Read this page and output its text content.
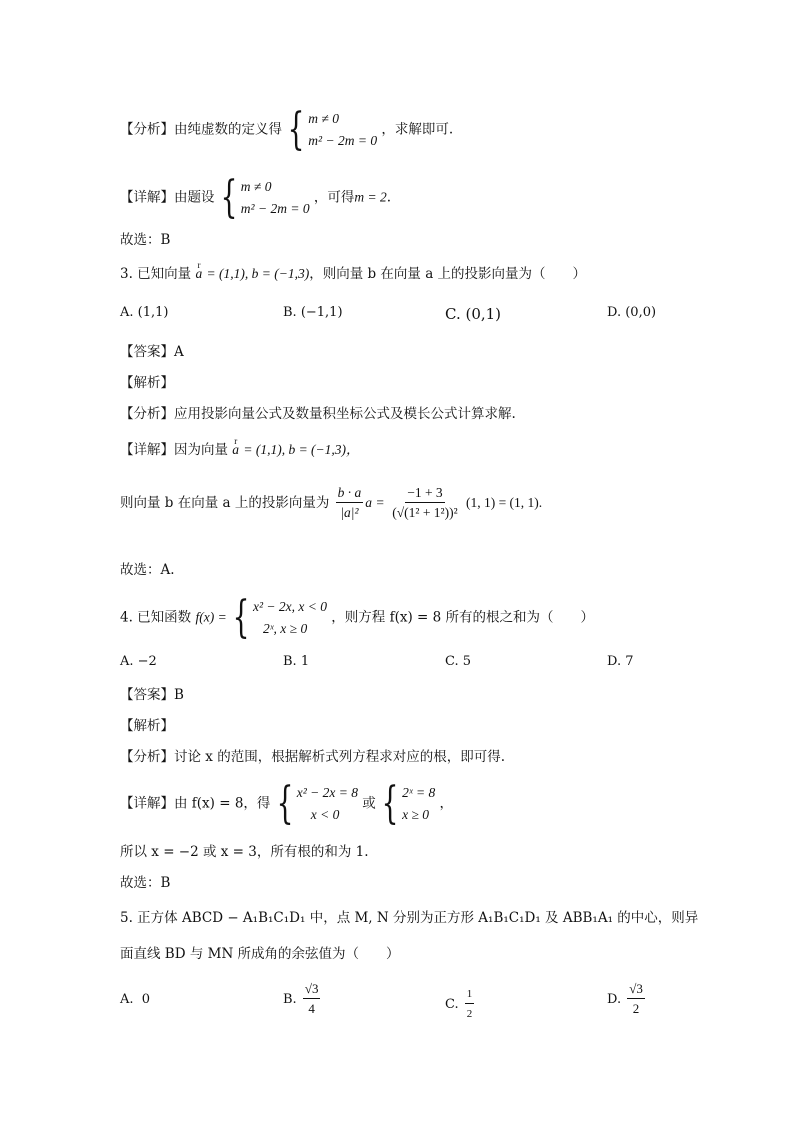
【分析】由纯虚数的定义得 { m ≠ 0
m² − 2m = 0
，求解即可.
【详解】由题设 { m ≠ 0
m² − 2m = 0
，可得m = 2.
故选：B
3. 已知向量 r a = (1,1), b = (−1,3)，则向量 b 在向量 a 上的投影向量为（　　）
A. (1,1)	B. (−1,1)	C. (0,1)	D. (0,0)
【答案】A
【解析】
【分析】应用投影向量公式及数量积坐标公式及模长公式计算求解.
【详解】因为向量 r a = (1,1), b = (−1,3)，
则向量 b 在向量 a 上的投影向量为 $\frac{b \cdot a}{\text{|a|²}}$ $a = \frac{-1 + 3}{\text{(√(1² + 1²))²}} (1$, 1) = (1, 1).
故选：A.
4. 已知函数 f(x) = { x² − 2x, x < 0
2ˣ, x ≥ 0
，则方程 f(x) = 8 所有的根之和为（　　）
A. −2	B. 1	C. 5	D. 7
【答案】B
【解析】
【分析】讨论 x 的范围，根据解析式列方程求对应的根，即可得.
【详解】由 f(x) = 8，得 { x² − 2x = 8
x < 0
或 { 2ˣ = 8
x ≥ 0
，
所以 x = −2 或 x = 3，所有根的和为 1.
故选：B
5. 正方体 ABCD − A₁B₁C₁D₁ 中，点 M, N 分别为正方形 A₁B₁C₁D₁ 及 ABB₁A₁ 的中心，则异
面直线 BD 与 MN 所成角的余弦值为（　　）
A. 0	B. $\frac{√3}{4}$	C. $\frac{1}{2}$	D. $\frac{√3}{2}$
